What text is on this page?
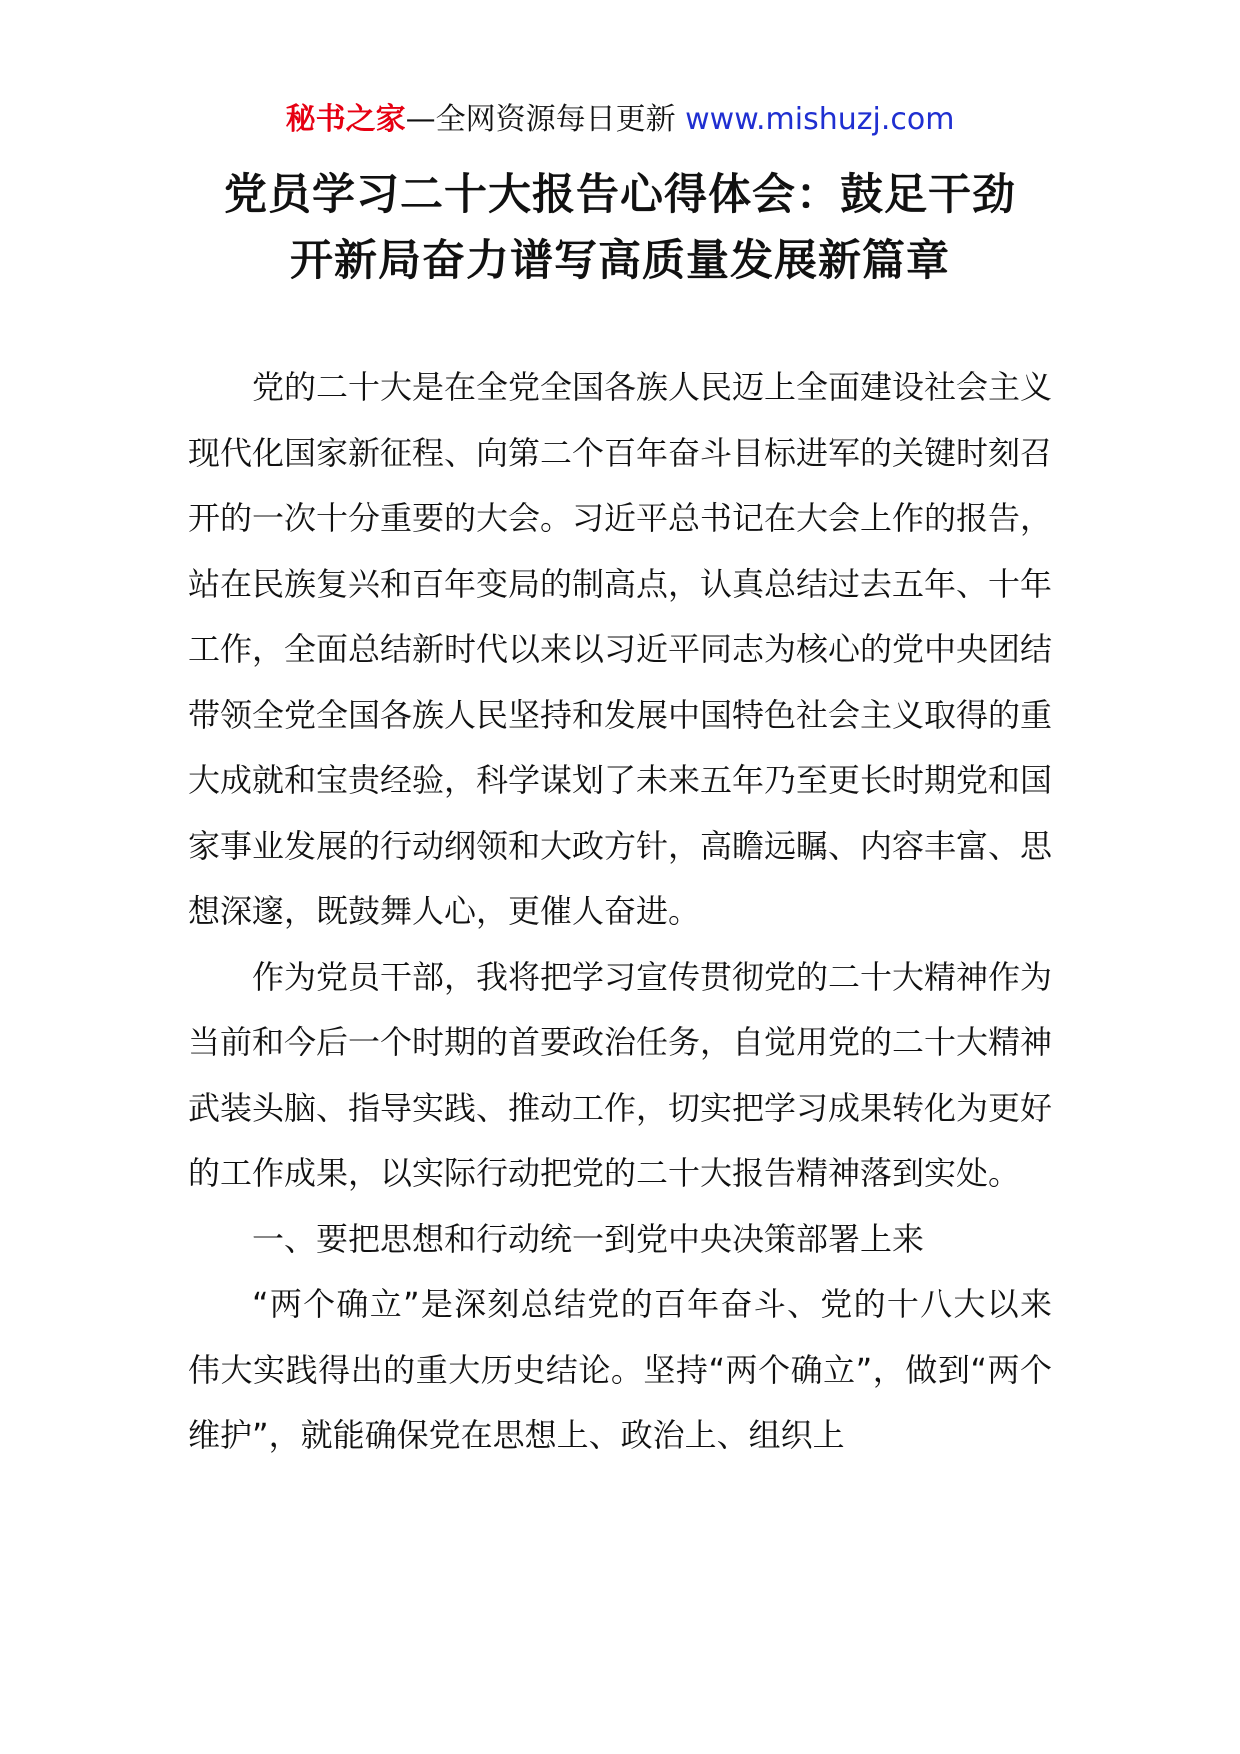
秘书之家—全网资源每日更新 www.mishuzj.com
党员学习二十大报告心得体会：鼓足干劲
开新局奋力谱写高质量发展新篇章

党的二十大是在全党全国各族人民迈上全面建设社会主义现代化国家新征程、向第二个百年奋斗目标进军的关键时刻召开的一次十分重要的大会。习近平总书记在大会上作的报告，站在民族复兴和百年变局的制高点，认真总结过去五年、十年工作，全面总结新时代以来以习近平同志为核心的党中央团结带领全党全国各族人民坚持和发展中国特色社会主义取得的重大成就和宝贵经验，科学谋划了未来五年乃至更长时期党和国家事业发展的行动纲领和大政方针，高瞻远瞩、内容丰富、思想深邃，既鼓舞人心，更催人奋进。

作为党员干部，我将把学习宣传贯彻党的二十大精神作为当前和今后一个时期的首要政治任务，自觉用党的二十大精神武装头脑、指导实践、推动工作，切实把学习成果转化为更好的工作成果，以实际行动把党的二十大报告精神落到实处。

一、要把思想和行动统一到党中央决策部署上来

“两个确立”是深刻总结党的百年奋斗、党的十八大以来伟大实践得出的重大历史结论。坚持“两个确立”，做到“两个维护”，就能确保党在思想上、政治上、组织上
